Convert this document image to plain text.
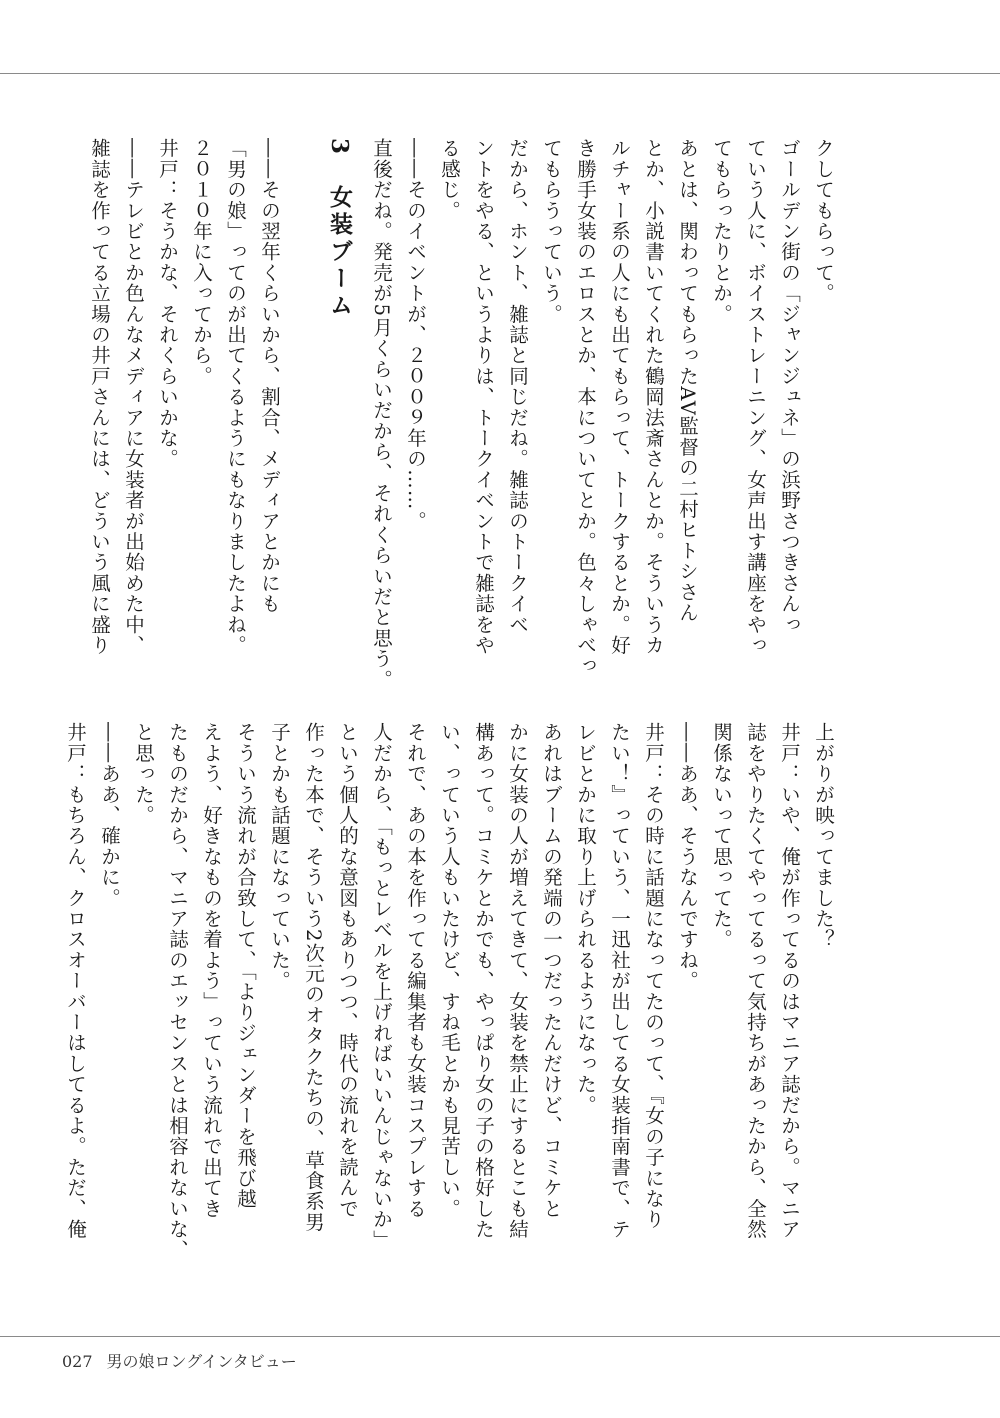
クしてもらって。
ゴールデン街の「ジャンジュネ」の浜野さつきさんっ
ていう人に、ボイストレーニング、女声出す講座をやっ
てもらったりとか。
あとは、関わってもらったAV監督の二村ヒトシさん
とか、小説書いてくれた鶴岡法斎さんとか。そういうカ
ルチャー系の人にも出てもらって、トークするとか。好
き勝手女装のエロスとか、本についてとか。色々しゃべっ
てもらうっていう。
だから、ホント、雑誌と同じだね。雑誌のトークイベ
ントをやる、というよりは、トークイベントで雑誌をや
る感じ。
――そのイベントが、２００９年の……。
直後だね。発売が5月くらいだから、それくらいだと思う。
3　女装ブーム
――その翌年くらいから、割合、メディアとかにも
「男の娘」ってのが出てくるようにもなりましたよね。
２０１０年に入ってから。
井戸：そうかな、それくらいかな。
――テレビとか色んなメディアに女装者が出始めた中、
雑誌を作ってる立場の井戸さんには、どういう風に盛り
上がりが映ってました？
井戸：いや、俺が作ってるのはマニア誌だから。マニア
誌をやりたくてやってるって気持ちがあったから、全然
関係ないって思ってた。
――ああ、そうなんですね。
井戸：その時に話題になってたのって、『女の子になり
たい！』っていう、一迅社が出してる女装指南書で、テ
レビとかに取り上げられるようになった。
あれはブームの発端の一つだったんだけど、コミケと
かに女装の人が増えてきて、女装を禁止にするとこも結
構あって。コミケとかでも、やっぱり女の子の格好した
い、っていう人もいたけど、すね毛とかも見苦しい。
それで、あの本を作ってる編集者も女装コスプレする
人だから、「もっとレベルを上げればいいんじゃないか」
という個人的な意図もありつつ、時代の流れを読んで
作った本で、そういう2次元のオタクたちの、草食系男
子とかも話題になっていた。
そういう流れが合致して、「よりジェンダーを飛び越
えよう、好きなものを着よう」っていう流れで出てき
たものだから、マニア誌のエッセンスとは相容れないな、
と思った。
――ああ、確かに。
井戸：もちろん、クロスオーバーはしてるよ。ただ、俺
027 男の娘ロングインタビュー
